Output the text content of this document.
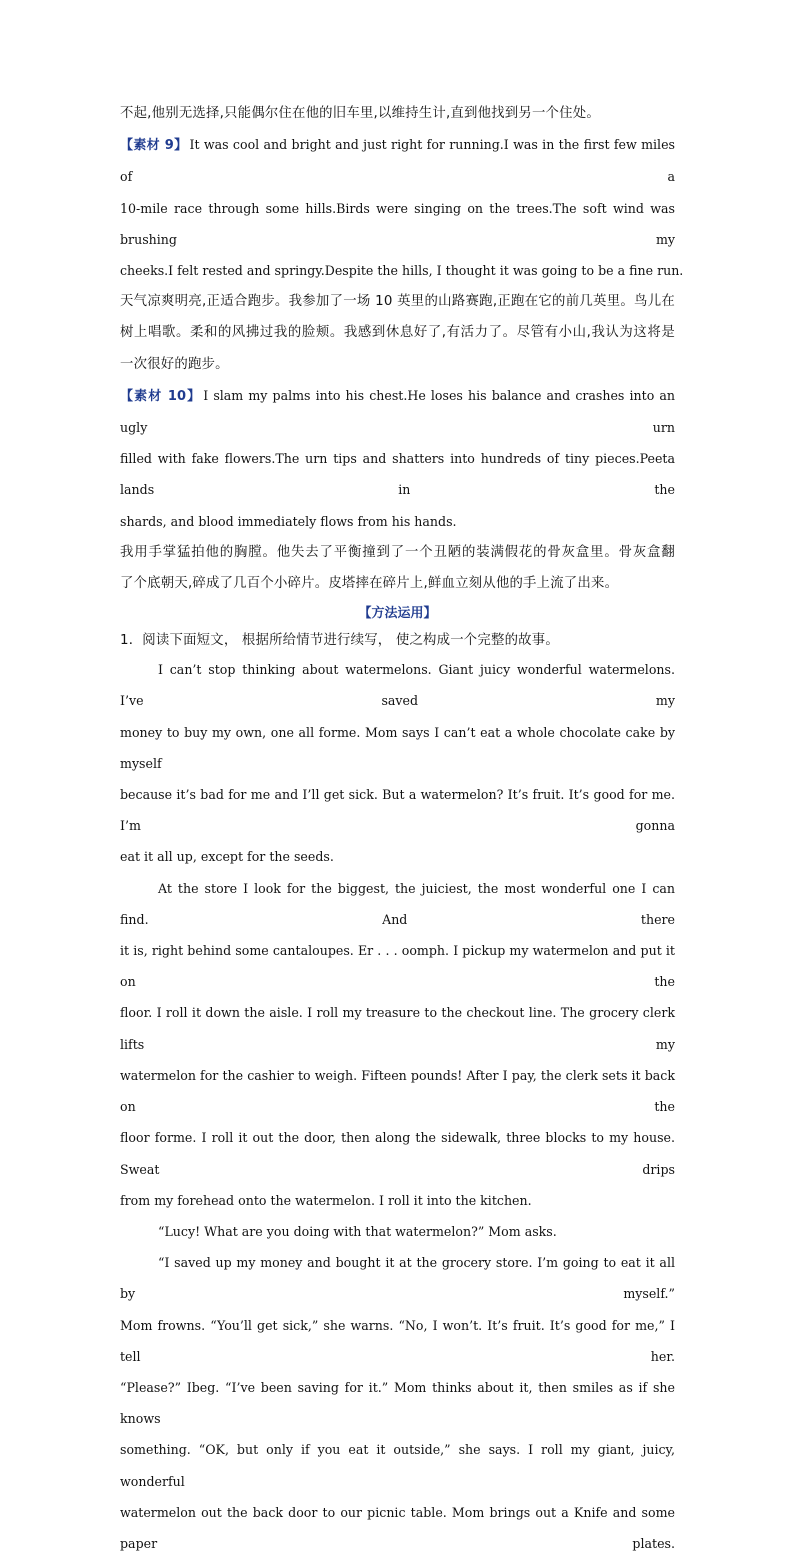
不起,他别无选择,只能偶尔住在他的旧车里,以维持生计,直到他找到另一个住处。

【素材 9】 It was cool and bright and just right for running.I was in the first few miles of a

10-mile race through some hills.Birds were singing on the trees.The soft wind was brushing my

cheeks.I felt rested and springy.Despite the hills, I thought it was going to be a fine run.

天气凉爽明亮,正适合跑步。我参加了一场 10 英里的山路赛跑,正跑在它的前几英里。鸟儿在

树上唱歌。柔和的风拂过我的脸颊。我感到休息好了,有活力了。尽管有小山,我认为这将是

一次很好的跑步。

【素材 10】 I slam my palms into his chest.He loses his balance and crashes into an ugly urn

filled with fake flowers.The urn tips and shatters into hundreds of tiny pieces.Peeta lands in the

shards, and blood immediately flows from his hands.

我用手掌猛拍他的胸膛。他失去了平衡撞到了一个丑陋的装满假花的骨灰盒里。骨灰盒翻

了个底朝天,碎成了几百个小碎片。皮塔摔在碎片上,鲜血立刻从他的手上流了出来。

【方法运用】

1．阅读下面短文， 根据所给情节进行续写， 使之构成一个完整的故事。

I can’t stop thinking about watermelons. Giant juicy wonderful watermelons. I’ve saved my

money to buy my own, one all forme. Mom says I can’t eat a whole chocolate cake by myself

because it’s bad for me and I’ll get sick. But a watermelon? It’s fruit. It’s good for me. I’m gonna

eat it all up, except for the seeds.

At the store I look for the biggest, the juiciest, the most wonderful one I can find. And there

it is, right behind some cantaloupes. Er . . . oomph. I pickup my watermelon and put it on the

floor. I roll it down the aisle. I roll my treasure to the checkout line. The grocery clerk lifts my

watermelon for the cashier to weigh. Fifteen pounds! After I pay, the clerk sets it back on the

floor forme. I roll it out the door, then along the sidewalk, three blocks to my house. Sweat drips

from my forehead onto the watermelon. I roll it into the kitchen.

“Lucy! What are you doing with that watermelon?” Mom asks.

“I saved up my money and bought it at the grocery store. I’m going to eat it all by myself.”

Mom frowns. “You’ll get sick,” she warns. “No, I won’t. It’s fruit. It’s good for me,” I tell her.

“Please?” Ibeg. “I’ve been saving for it.” Mom thinks about it, then smiles as if she knows

something. “OK, but only if you eat it outside,” she says. I roll my giant, juicy, wonderful

watermelon out the back door to our picnic table. Mom brings out a Knife and some paper plates.
